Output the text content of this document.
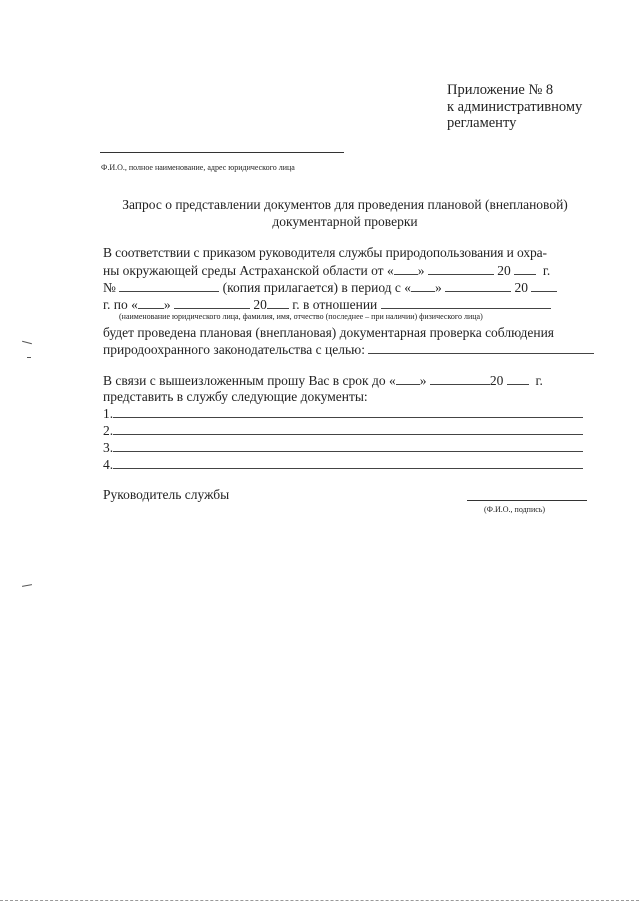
Приложение № 8
к административному
регламенту
Ф.И.О., полное наименование, адрес юридического лица
Запрос о представлении документов для проведения плановой (внеплановой)
документарной проверки
В соответствии с приказом руководителя службы природопользования и охра-
ны окружающей среды Астраханской области от « »	20 г.
№	(копия прилагается) в период с « »	20
г. по « »	20 г. в отношении
(наименование юридического лица, фамилия, имя, отчество (последнее – при наличии) физического лица)
будет проведена плановая (внеплановая) документарная проверка соблюдения
природоохранного законодательства с целью:
В связи с вышеизложенным прошу Вас в срок до « »	20 г.
представить в службу следующие документы:
1.
2.
3.
4.
Руководитель службы
(Ф.И.О., подпись)
